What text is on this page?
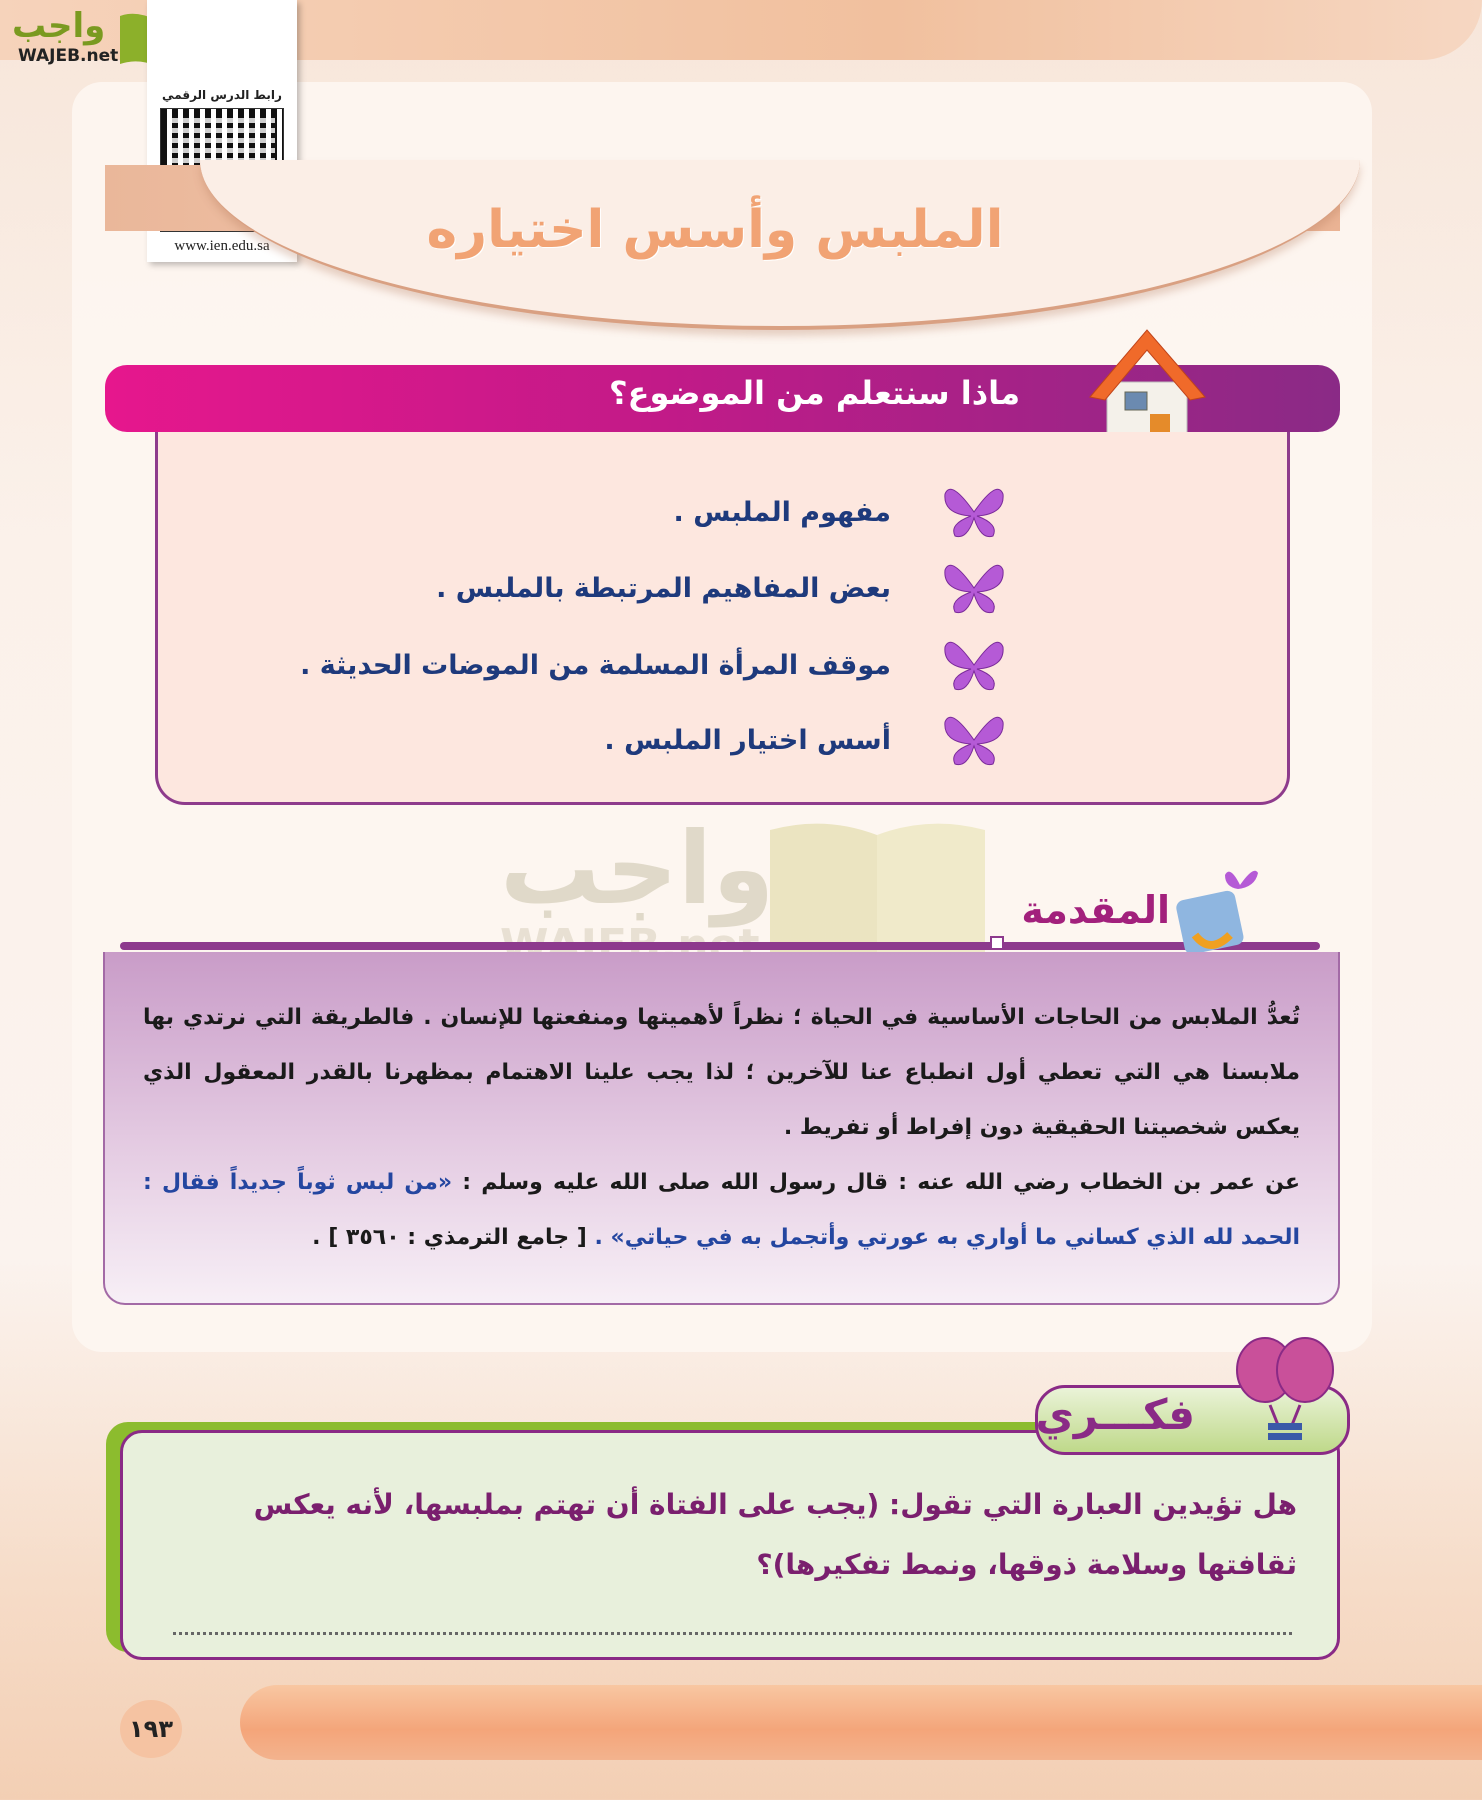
واجب
WAJEB.net
رابط الدرس الرقمي
www.ien.edu.sa	الملبس وأسس اختياره
ماذا سنتعلم من الموضوع؟
مفهوم الملبس .
بعض المفاهيم المرتبطة بالملبس .
موقف المرأة المسلمة من الموضات الحديثة .
أسس اختيار الملبس .
واجب	المقدمة
تُعدُّ الملابس من الحاجات الأساسية في الحياة ؛ نظراً لأهميتها ومنفعتها للإنسان . فالطريقة التي نرتدي بها ملابسنا هي التي تعطي أول انطباع عنا للآخرين ؛ لذا يجب علينا الاهتمام بمظهرنا بالقدر المعقول الذي يعكس شخصيتنا الحقيقية دون إفراط أو تفريط .
عن عمر بن الخطاب رضي الله عنه : قال رسول الله صلى الله عليه وسلم : «من لبس ثوباً جديداً فقال : الحمد لله الذي كساني ما أواري به عورتي وأتجمل به في حياتي» . [ جامع الترمذي : ٣٥٦٠ ] .
هل تؤيدين العبارة التي تقول: (يجب على الفتاة أن تهتم بملبسها، لأنه يعكس ثقافتها وسلامة ذوقها، ونمط تفكيرها)؟
فكـــري
١٩٣
